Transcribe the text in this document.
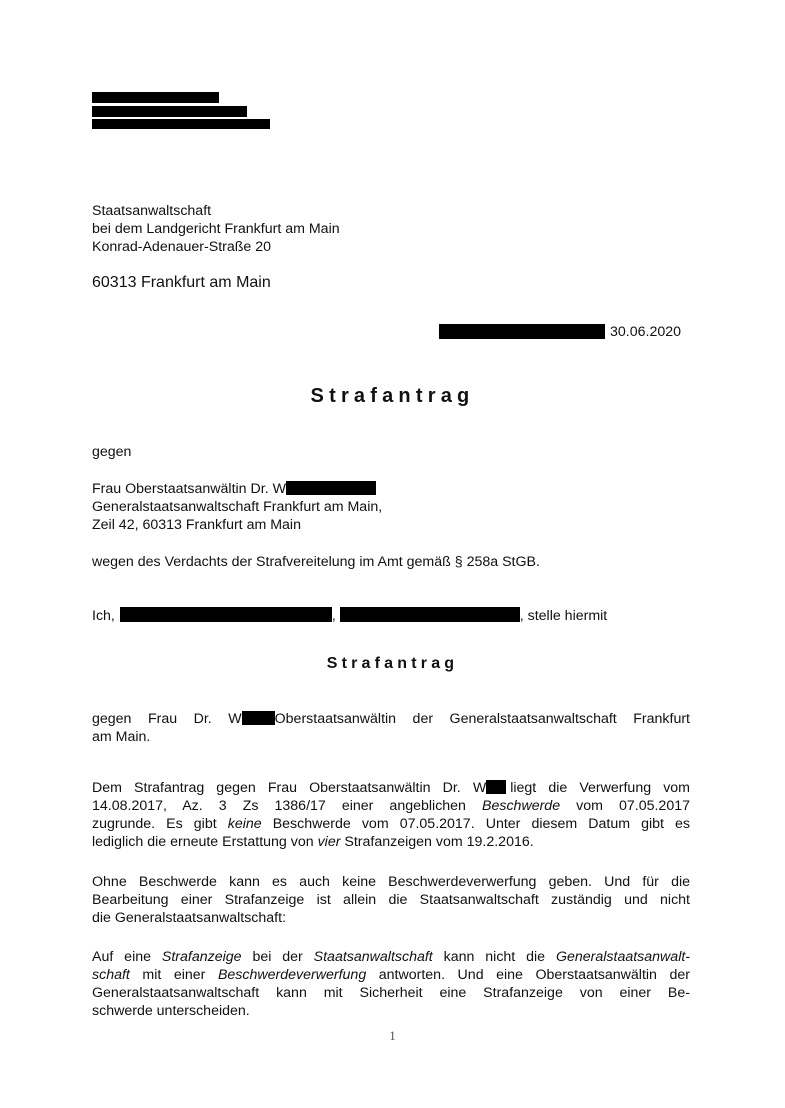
Staatsanwaltschaft
bei dem Landgericht Frankfurt am Main
Konrad-Adenauer-Straße 20
60313 Frankfurt am Main
30.06.2020
Strafantrag
gegen
Frau Oberstaatsanwältin Dr. W
Generalstaatsanwaltschaft Frankfurt am Main,
Zeil 42, 60313 Frankfurt am Main
wegen des Verdachts der Strafvereitelung im Amt gemäß § 258a StGB.
Ich,	,	, stelle hiermit
Strafantrag
gegen Frau Dr. W Oberstaatsanwältin der Generalstaatsanwaltschaft Frankfurt
am Main.
Dem Strafantrag gegen Frau Oberstaatsanwältin Dr. W liegt die Verwerfung vom
14.08.2017, Az. 3 Zs 1386/17 einer angeblichen Beschwerde vom 07.05.2017
zugrunde. Es gibt keine Beschwerde vom 07.05.2017. Unter diesem Datum gibt es
lediglich die erneute Erstattung von vier Strafanzeigen vom 19.2.2016.
Ohne Beschwerde kann es auch keine Beschwerdeverwerfung geben. Und für die
Bearbeitung einer Strafanzeige ist allein die Staatsanwaltschaft zuständig und nicht
die Generalstaatsanwaltschaft:
Auf eine Strafanzeige bei der Staatsanwaltschaft kann nicht die Generalstaatsanwalt-
schaft mit einer Beschwerdeverwerfung antworten. Und eine Oberstaatsanwältin der
Generalstaatsanwaltschaft kann mit Sicherheit eine Strafanzeige von einer Be-
schwerde unterscheiden.
1
